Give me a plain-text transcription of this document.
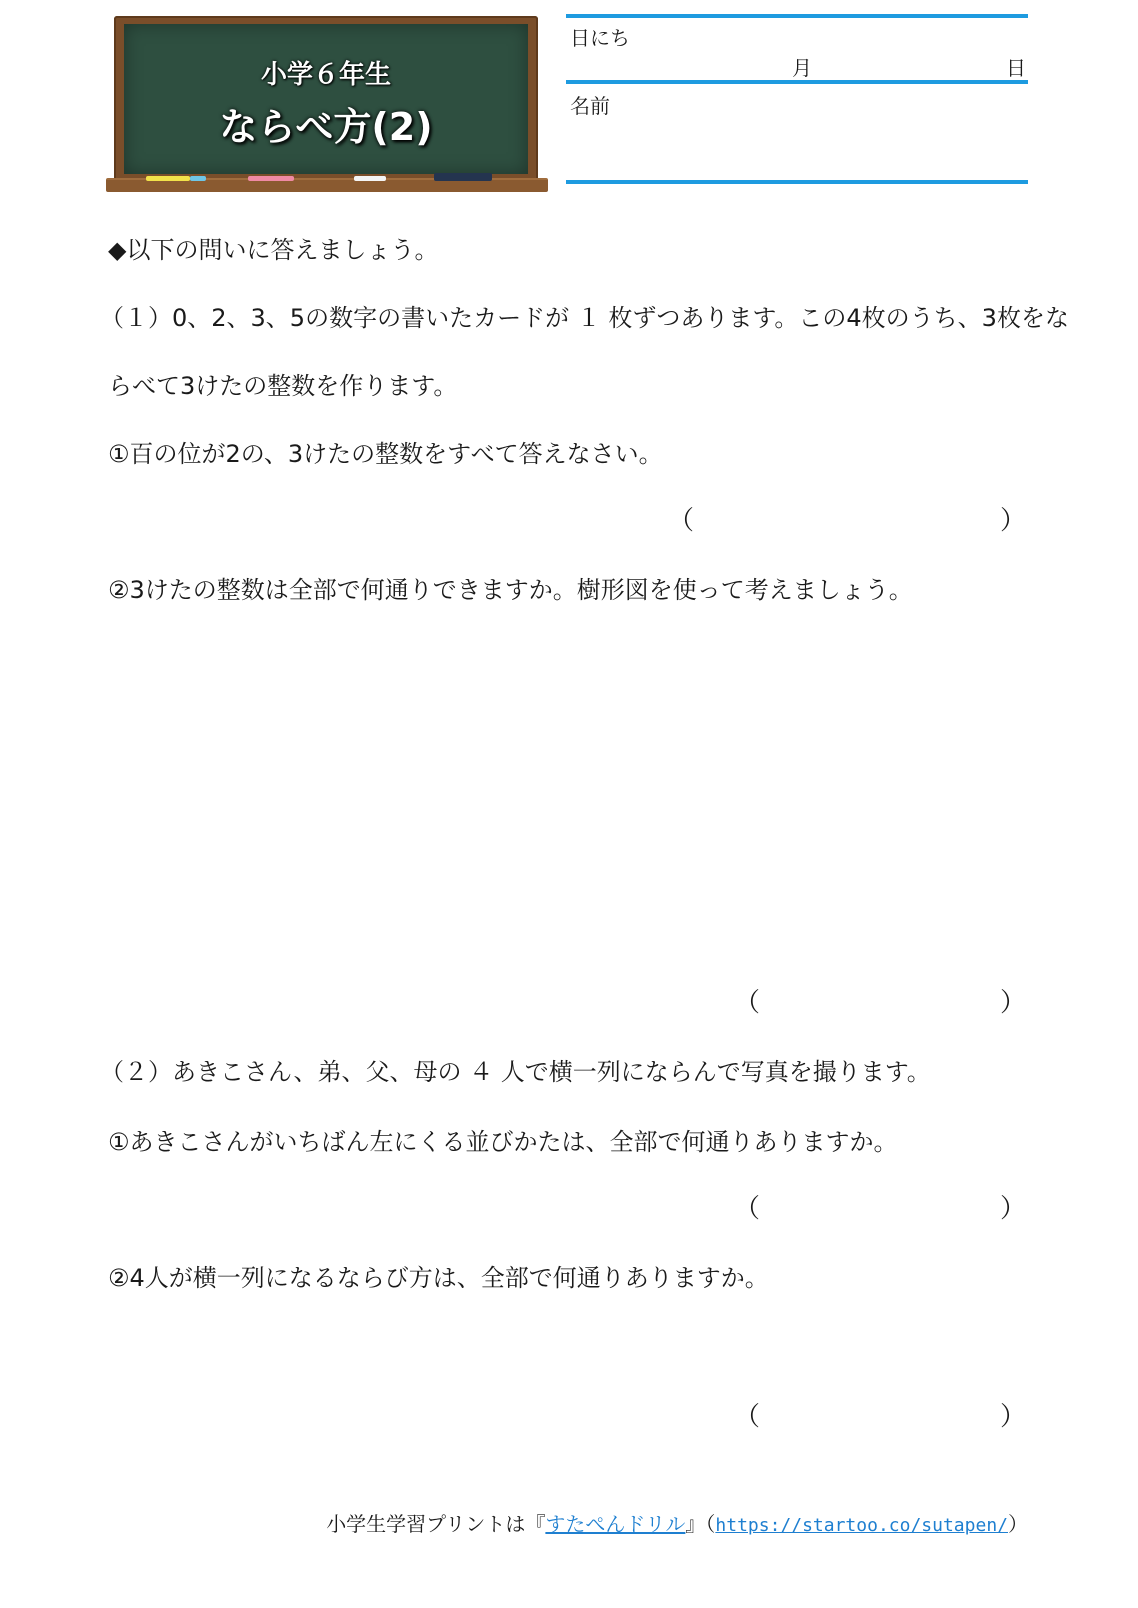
小学６年生
ならべ方(2)
日にち
月	日
名前
◆以下の問いに答えましょう。
（１）0、2、3、5の数字の書いたカードが １ 枚ずつあります。この4枚のうち、3枚をな
らべて3けたの整数を作ります。
①百の位が2の、3けたの整数をすべて答えなさい。
（	）
②3けたの整数は全部で何通りできますか。樹形図を使って考えましょう。
（	）
（２）あきこさん、弟、父、母の ４ 人で横一列にならんで写真を撮ります。
①あきこさんがいちばん左にくる並びかたは、全部で何通りありますか。
（	）
②4人が横一列になるならび方は、全部で何通りありますか。
（	）
小学生学習プリントは『すたぺんドリル』（https://startoo.co/sutapen/）
